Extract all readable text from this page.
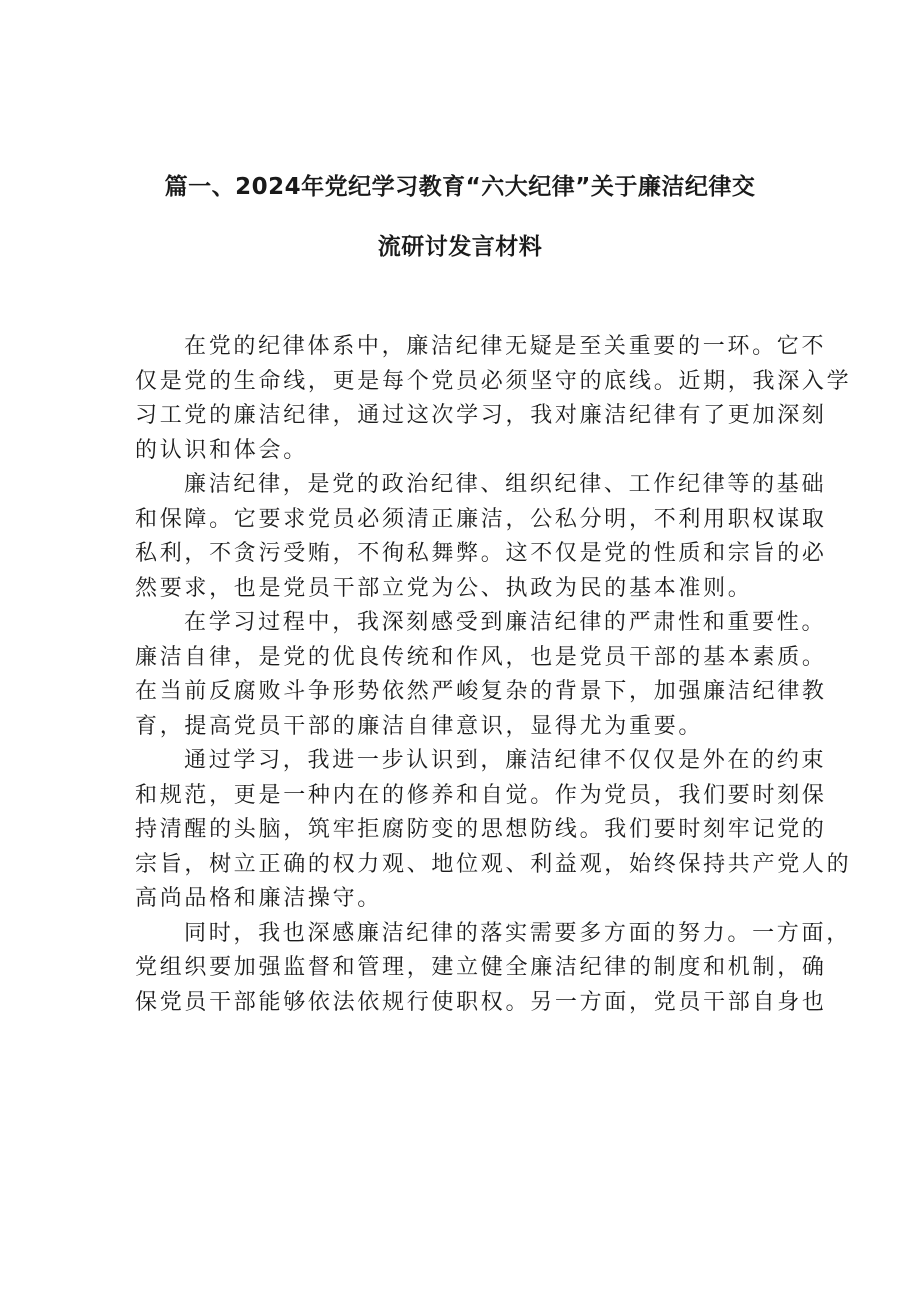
篇一、2024年党纪学习教育“六大纪律”关于廉洁纪律交
流研讨发言材料
在党的纪律体系中，廉洁纪律无疑是至关重要的一环。它不
仅是党的生命线，更是每个党员必须坚守的底线。近期，我深入学
习工党的廉洁纪律，通过这次学习，我对廉洁纪律有了更加深刻
的认识和体会。
廉洁纪律，是党的政治纪律、组织纪律、工作纪律等的基础
和保障。它要求党员必须清正廉洁，公私分明，不利用职权谋取
私利，不贪污受贿，不徇私舞弊。这不仅是党的性质和宗旨的必
然要求，也是党员干部立党为公、执政为民的基本准则。
在学习过程中，我深刻感受到廉洁纪律的严肃性和重要性。
廉洁自律，是党的优良传统和作风，也是党员干部的基本素质。
在当前反腐败斗争形势依然严峻复杂的背景下，加强廉洁纪律教
育，提高党员干部的廉洁自律意识，显得尤为重要。
通过学习，我进一步认识到，廉洁纪律不仅仅是外在的约束
和规范，更是一种内在的修养和自觉。作为党员，我们要时刻保
持清醒的头脑，筑牢拒腐防变的思想防线。我们要时刻牢记党的
宗旨，树立正确的权力观、地位观、利益观，始终保持共产党人的
高尚品格和廉洁操守。
同时，我也深感廉洁纪律的落实需要多方面的努力。一方面，
党组织要加强监督和管理，建立健全廉洁纪律的制度和机制，确
保党员干部能够依法依规行使职权。另一方面，党员干部自身也
